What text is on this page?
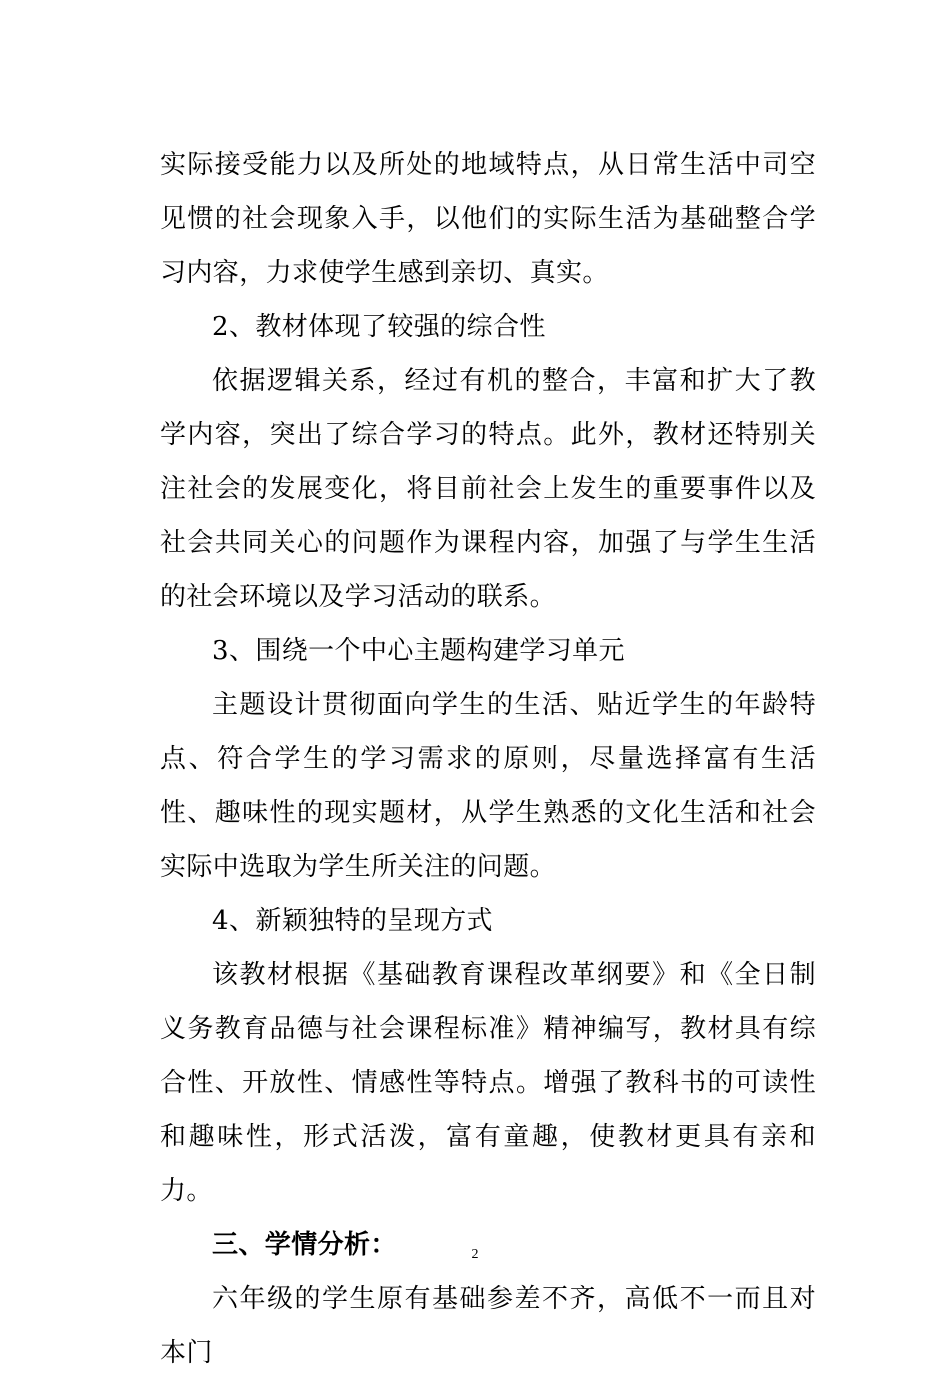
实际接受能力以及所处的地域特点，从日常生活中司空见惯的社会现象入手，以他们的实际生活为基础整合学习内容，力求使学生感到亲切、真实。

2、教材体现了较强的综合性

依据逻辑关系，经过有机的整合，丰富和扩大了教学内容，突出了综合学习的特点。此外，教材还特别关注社会的发展变化，将目前社会上发生的重要事件以及社会共同关心的问题作为课程内容，加强了与学生生活的社会环境以及学习活动的联系。

3、围绕一个中心主题构建学习单元

主题设计贯彻面向学生的生活、贴近学生的年龄特点、符合学生的学习需求的原则，尽量选择富有生活性、趣味性的现实题材，从学生熟悉的文化生活和社会实际中选取为学生所关注的问题。

4、新颖独特的呈现方式

该教材根据《基础教育课程改革纲要》和《全日制义务教育品德与社会课程标准》精神编写，教材具有综合性、开放性、情感性等特点。增强了教科书的可读性和趣味性，形式活泼，富有童趣，使教材更具有亲和力。

三、学情分析：

六年级的学生原有基础参差不齐，高低不一而且对本门

2
